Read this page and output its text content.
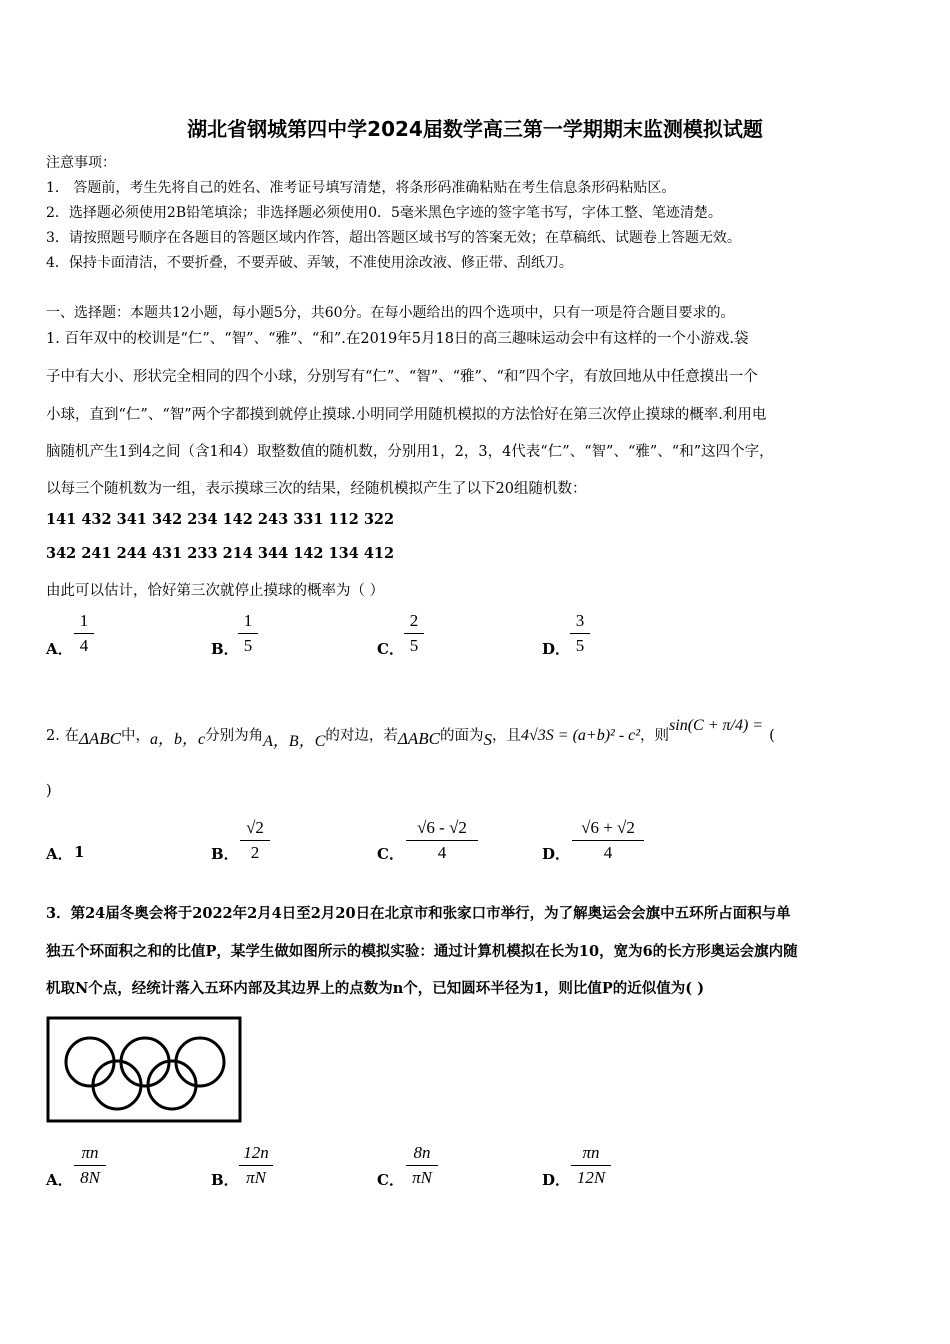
湖北省钢城第四中学2024届数学高三第一学期期末监测模拟试题
注意事项：
1． 答题前，考生先将自己的姓名、准考证号填写清楚，将条形码准确粘贴在考生信息条形码粘贴区。
2．选择题必须使用2B铅笔填涂；非选择题必须使用0．5毫米黑色字迹的签字笔书写，字体工整、笔迹清楚。
3．请按照题号顺序在各题目的答题区域内作答，超出答题区域书写的答案无效；在草稿纸、试题卷上答题无效。
4．保持卡面清洁，不要折叠，不要弄破、弄皱，不准使用涂改液、修正带、刮纸刀。
一、选择题：本题共12小题，每小题5分，共60分。在每小题给出的四个选项中，只有一项是符合题目要求的。
1. 百年双中的校训是“仁”、“智”、“雅”、“和”.在2019年5月18日的高三趣味运动会中有这样的一个小游戏.袋
子中有大小、形状完全相同的四个小球，分别写有“仁”、“智”、“雅”、“和”四个字，有放回地从中任意摸出一个
小球，直到“仁”、“智”两个字都摸到就停止摸球.小明同学用随机模拟的方法恰好在第三次停止摸球的概率.利用电
脑随机产生1到4之间（含1和4）取整数值的随机数，分别用1，2，3，4代表“仁”、“智”、“雅”、“和”这四个字，
以每三个随机数为一组，表示摸球三次的结果，经随机模拟产生了以下20组随机数：
141 432 341 342 234 142 243 331 112 322
342 241 244 431 233 214 344 142 134 412
由此可以估计，恰好第三次就停止摸球的概率为（ ）
A．
1
4	B．
1
5	C．
2
5	D．
3
5
2. 在ΔABC中，a，b，c分别为角A，B，C的对边，若ΔABC的面为S，且4√3S = (a+b)² - c²，则sin(C + π/4) =(
)
A． 1	B．
√2
2	C．
√6 - √2
4	D．
√6 + √2
4
3．第24届冬奥会将于2022年2月4日至2月20日在北京市和张家口市举行，为了解奥运会会旗中五环所占面积与单
独五个环面积之和的比值P，某学生做如图所示的模拟实验：通过计算机模拟在长为10，宽为6的长方形奥运会旗内随
机取N个点，经统计落入五环内部及其边界上的点数为n个，已知圆环半径为1，则比值P的近似值为( )
A．
πn
8N	B．
12n
πN	C．
8n
πN	D．
πn
12N
